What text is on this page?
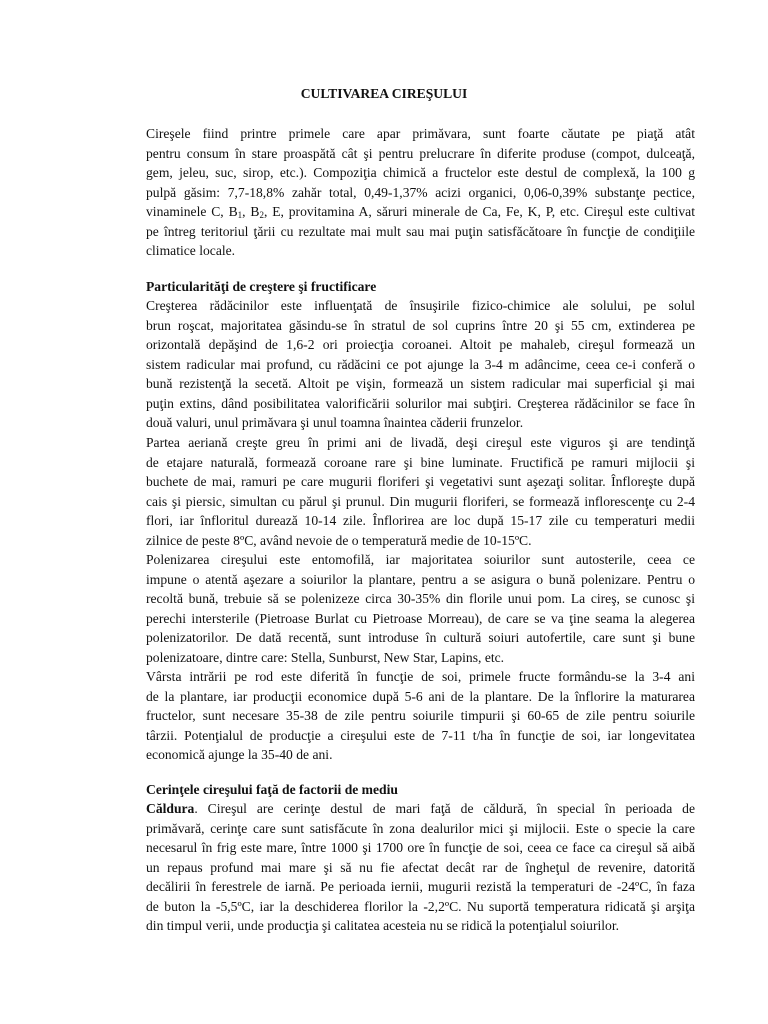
CULTIVAREA CIREŞULUI
Cireşele fiind printre primele care apar primăvara, sunt foarte căutate pe piaţă atât
pentru consum în stare proaspătă cât şi pentru prelucrare în diferite produse (compot, dulceaţă,
gem, jeleu, suc, sirop, etc.). Compoziţia chimică a fructelor este destul de complexă, la 100 g
pulpă găsim: 7,7-18,8% zahăr total, 0,49-1,37% acizi organici, 0,06-0,39% substanţe pectice,
vinaminele C, $B_1$, $B_2$, E, provitamina A, săruri minerale de Ca, Fe, K, P, etc. Cireşul este cultivat
pe întreg teritoriul ţării cu rezultate mai mult sau mai puţin satisfăcătoare în funcţie de condiţiile
climatice locale.
Particularităţi de creştere şi fructificare
Creşterea rădăcinilor este influenţată de însuşirile fizico-chimice ale solului, pe solul
brun roşcat, majoritatea găsindu-se în stratul de sol cuprins între 20 şi 55 cm, extinderea pe
orizontală depăşind de 1,6-2 ori proiecţia coroanei. Altoit pe mahaleb, cireşul formează un
sistem radicular mai profund, cu rădăcini ce pot ajunge la 3-4 m adâncime, ceea ce-i conferă o
bună rezistenţă la secetă. Altoit pe vişin, formează un sistem radicular mai superficial şi mai
puţin extins, dând posibilitatea valorificării solurilor mai subţiri. Creşterea rădăcinilor se face în
două valuri, unul primăvara şi unul toamna înaintea căderii frunzelor.
Partea aeriană creşte greu în primi ani de livadă, deşi cireşul este viguros şi are tendinţă
de etajare naturală, formează coroane rare şi bine luminate. Fructifică pe ramuri mijlocii şi
buchete de mai, ramuri pe care mugurii floriferi şi vegetativi sunt aşezaţi solitar. Înfloreşte după
cais şi piersic, simultan cu părul şi prunul. Din mugurii floriferi, se formează inflorescenţe cu 2-4
flori, iar înfloritul durează 10-14 zile. Înflorirea are loc după 15-17 zile cu temperaturi medii
zilnice de peste 8ºC, având nevoie de o temperatură medie de 10-15ºC.
Polenizarea cireşului este entomofilă, iar majoritatea soiurilor sunt autosterile, ceea ce
impune o atentă aşezare a soiurilor la plantare, pentru a se asigura o bună polenizare. Pentru o
recoltă bună, trebuie să se polenizeze circa 30-35% din florile unui pom. La cireş, se cunosc şi
perechi intersterile (Pietroase Burlat cu Pietroase Morreau), de care se va ţine seama la alegerea
polenizatorilor. De dată recentă, sunt introduse în cultură soiuri autofertile, care sunt şi bune
polenizatoare, dintre care: Stella, Sunburst, New Star, Lapins, etc.
Vârsta intrării pe rod este diferită în funcţie de soi, primele fructe formându-se la 3-4 ani
de la plantare, iar producţii economice după 5-6 ani de la plantare. De la înflorire la maturarea
fructelor, sunt necesare 35-38 de zile pentru soiurile timpurii şi 60-65 de zile pentru soiurile
târzii. Potenţialul de producţie a cireşului este de 7-11 t/ha în funcţie de soi, iar longevitatea
economică ajunge la 35-40 de ani.
Cerinţele cireşului faţă de factorii de mediu
Căldura. Cireşul are cerinţe destul de mari faţă de căldură, în special în perioada de
primăvară, cerinţe care sunt satisfăcute în zona dealurilor mici şi mijlocii. Este o specie la care
necesarul în frig este mare, între 1000 şi 1700 ore în funcţie de soi, ceea ce face ca cireşul să aibă
un repaus profund mai mare şi să nu fie afectat decât rar de îngheţul de revenire, datorită
decălirii în ferestrele de iarnă. Pe perioada iernii, mugurii rezistă la temperaturi de -24ºC, în faza
de buton la -5,5ºC, iar la deschiderea florilor la -2,2ºC. Nu suportă temperatura ridicată şi arşiţa
din timpul verii, unde producţia şi calitatea acesteia nu se ridică la potenţialul soiurilor.
